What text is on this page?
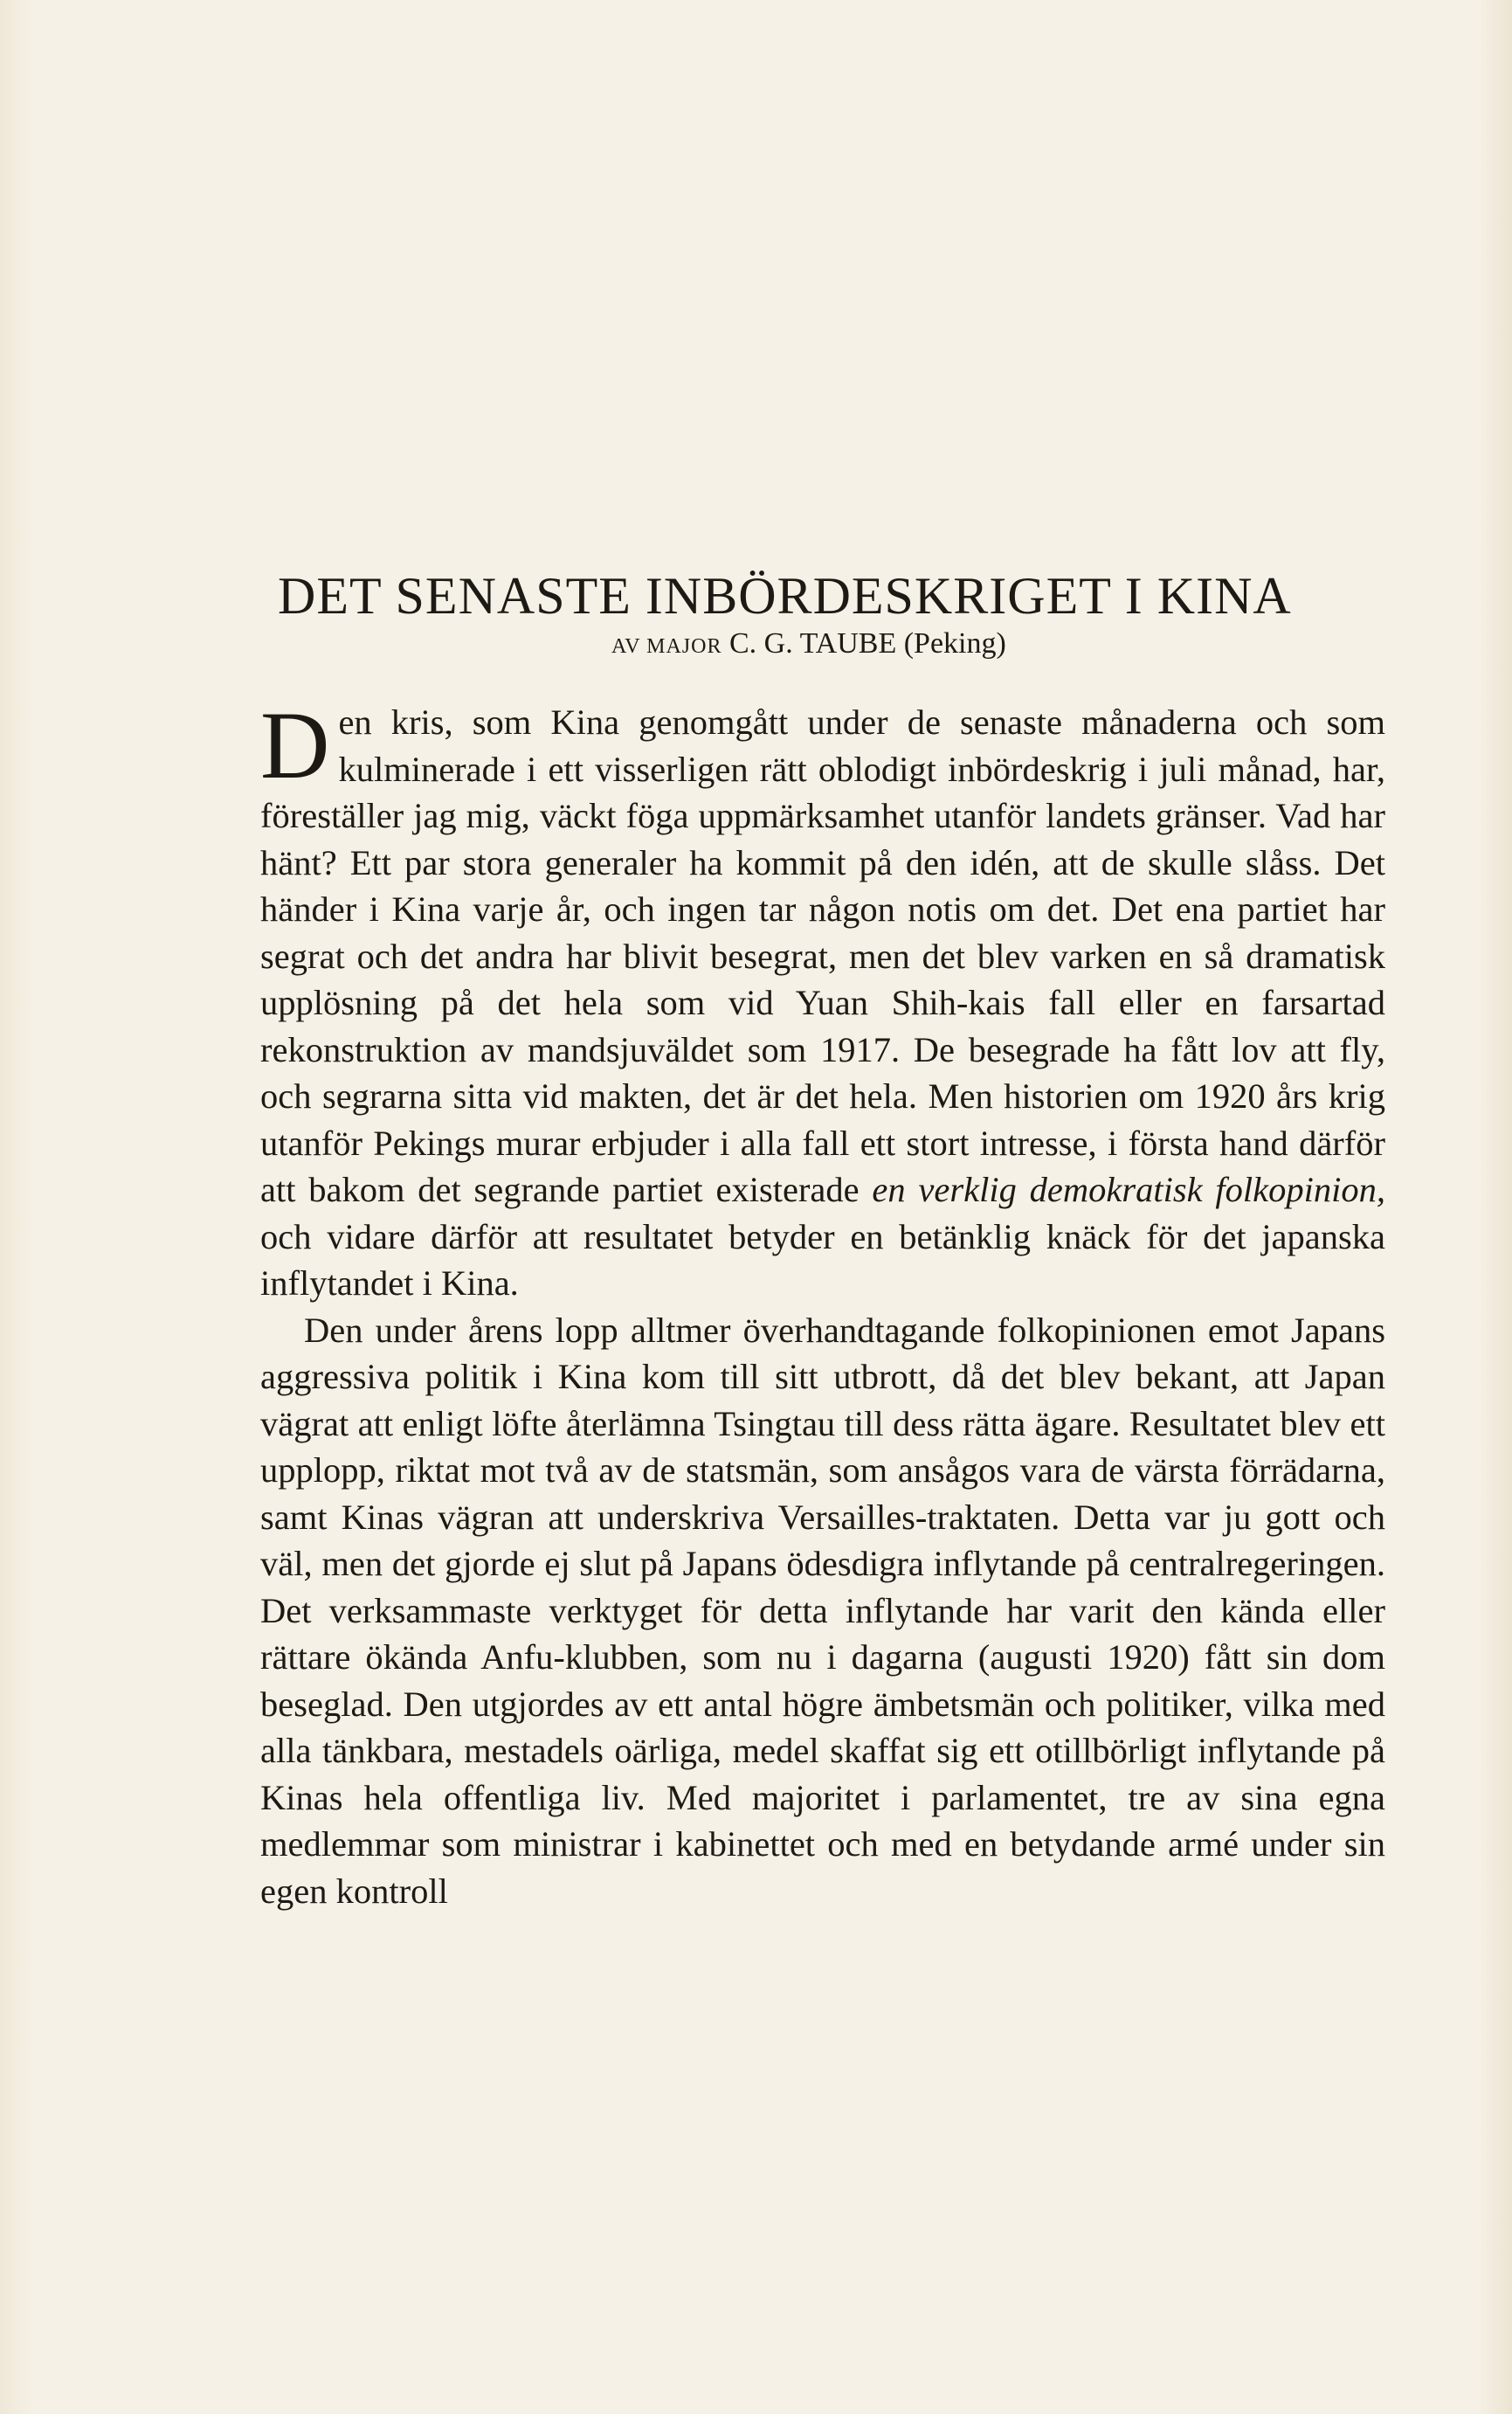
DET SENASTE INBÖRDESKRIGET I KINA
AV MAJOR C. G. TAUBE (Peking)

Den kris, som Kina genomgått under de senaste månaderna och som kulminerade i ett visserligen rätt oblodigt inbördeskrig i juli månad, har, föreställer jag mig, väckt föga uppmärksamhet utanför landets gränser. Vad har hänt? Ett par stora generaler ha kommit på den idén, att de skulle slåss. Det händer i Kina varje år, och ingen tar någon notis om det. Det ena partiet har segrat och det andra har blivit besegrat, men det blev varken en så dramatisk upplösning på det hela som vid Yuan Shih-kais fall eller en farsartad rekonstruktion av mandsjuväldet som 1917. De besegrade ha fått lov att fly, och segrarna sitta vid makten, det är det hela. Men historien om 1920 års krig utanför Pekings murar erbjuder i alla fall ett stort intresse, i första hand därför att bakom det segrande partiet existerade en verklig demokratisk folkopinion, och vidare därför att resultatet betyder en betänklig knäck för det japanska inflytandet i Kina.

Den under årens lopp alltmer överhandtagande folkopinionen emot Japans aggressiva politik i Kina kom till sitt utbrott, då det blev bekant, att Japan vägrat att enligt löfte återlämna Tsingtau till dess rätta ägare. Resultatet blev ett upplopp, riktat mot två av de statsmän, som ansågos vara de värsta förrädarna, samt Kinas vägran att underskriva Versailles-traktaten. Detta var ju gott och väl, men det gjorde ej slut på Japans ödesdigra inflytande på centralregeringen. Det verksammaste verktyget för detta inflytande har varit den kända eller rättare ökända Anfu-klubben, som nu i dagarna (augusti 1920) fått sin dom beseglad. Den utgjordes av ett antal högre ämbetsmän och politiker, vilka med alla tänkbara, mestadels oärliga, medel skaffat sig ett otillbörligt inflytande på Kinas hela offentliga liv. Med majoritet i parlamentet, tre av sina egna medlemmar som ministrar i kabinettet och med en betydande armé under sin egen kontroll
